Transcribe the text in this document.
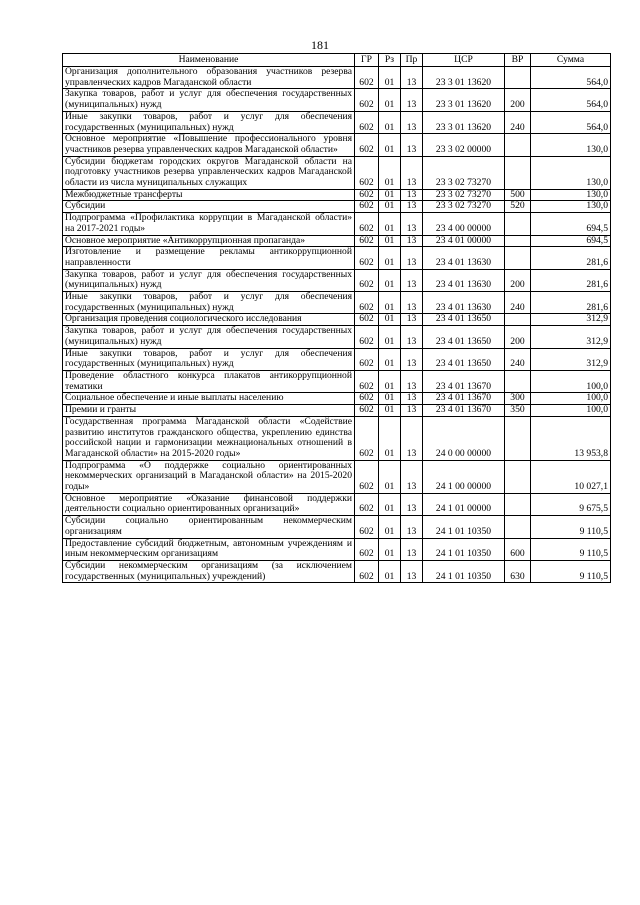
181
Наименование	ГР	Рз	Пр	ЦСР	ВР	Сумма
Организация дополнительного образования участников резерва управленческих кадров Магаданской области	602	01	13	23 3 01 13620		564,0
Закупка товаров, работ и услуг для обеспечения государственных (муниципальных) нужд	602	01	13	23 3 01 13620	200	564,0
Иные закупки товаров, работ и услуг для обеспечения государственных (муниципальных) нужд	602	01	13	23 3 01 13620	240	564,0
Основное мероприятие «Повышение профессионального уровня участников резерва управленческих кадров Магаданской области»	602	01	13	23 3 02 00000		130,0
Субсидии бюджетам городских округов Магаданской области на подготовку участников резерва управленческих кадров Магаданской области из числа муниципальных служащих	602	01	13	23 3 02 73270		130,0
Межбюджетные трансферты	602	01	13	23 3 02 73270	500	130,0
Субсидии	602	01	13	23 3 02 73270	520	130,0
Подпрограмма «Профилактика коррупции в Магаданской области» на 2017-2021 годы»	602	01	13	23 4 00 00000		694,5
Основное мероприятие «Антикоррупционная пропаганда»	602	01	13	23 4 01 00000		694,5
Изготовление и размещение рекламы антикоррупционной направленности	602	01	13	23 4 01 13630		281,6
Закупка товаров, работ и услуг для обеспечения государственных (муниципальных) нужд	602	01	13	23 4 01 13630	200	281,6
Иные закупки товаров, работ и услуг для обеспечения государственных (муниципальных) нужд	602	01	13	23 4 01 13630	240	281,6
Организация проведения социологического исследования	602	01	13	23 4 01 13650		312,9
Закупка товаров, работ и услуг для обеспечения государственных (муниципальных) нужд	602	01	13	23 4 01 13650	200	312,9
Иные закупки товаров, работ и услуг для обеспечения государственных (муниципальных) нужд	602	01	13	23 4 01 13650	240	312,9
Проведение областного конкурса плакатов антикоррупционной тематики	602	01	13	23 4 01 13670		100,0
Социальное обеспечение и иные выплаты населению	602	01	13	23 4 01 13670	300	100,0
Премии и гранты	602	01	13	23 4 01 13670	350	100,0
Государственная программа Магаданской области «Содействие развитию институтов гражданского общества, укреплению единства российской нации и гармонизации межнациональных отношений в Магаданской области» на 2015-2020 годы»	602	01	13	24 0 00 00000		13 953,8
Подпрограмма «О поддержке социально ориентированных некоммерческих организаций в Магаданской области» на 2015-2020 годы»	602	01	13	24 1 00 00000		10 027,1
Основное мероприятие «Оказание финансовой поддержки деятельности социально ориентированных организаций»	602	01	13	24 1 01 00000		9 675,5
Субсидии социально ориентированным некоммерческим организациям	602	01	13	24 1 01 10350		9 110,5
Предоставление субсидий бюджетным, автономным учреждениям и иным некоммерческим организациям	602	01	13	24 1 01 10350	600	9 110,5
Субсидии некоммерческим организациям (за исключением государственных (муниципальных) учреждений)	602	01	13	24 1 01 10350	630	9 110,5
